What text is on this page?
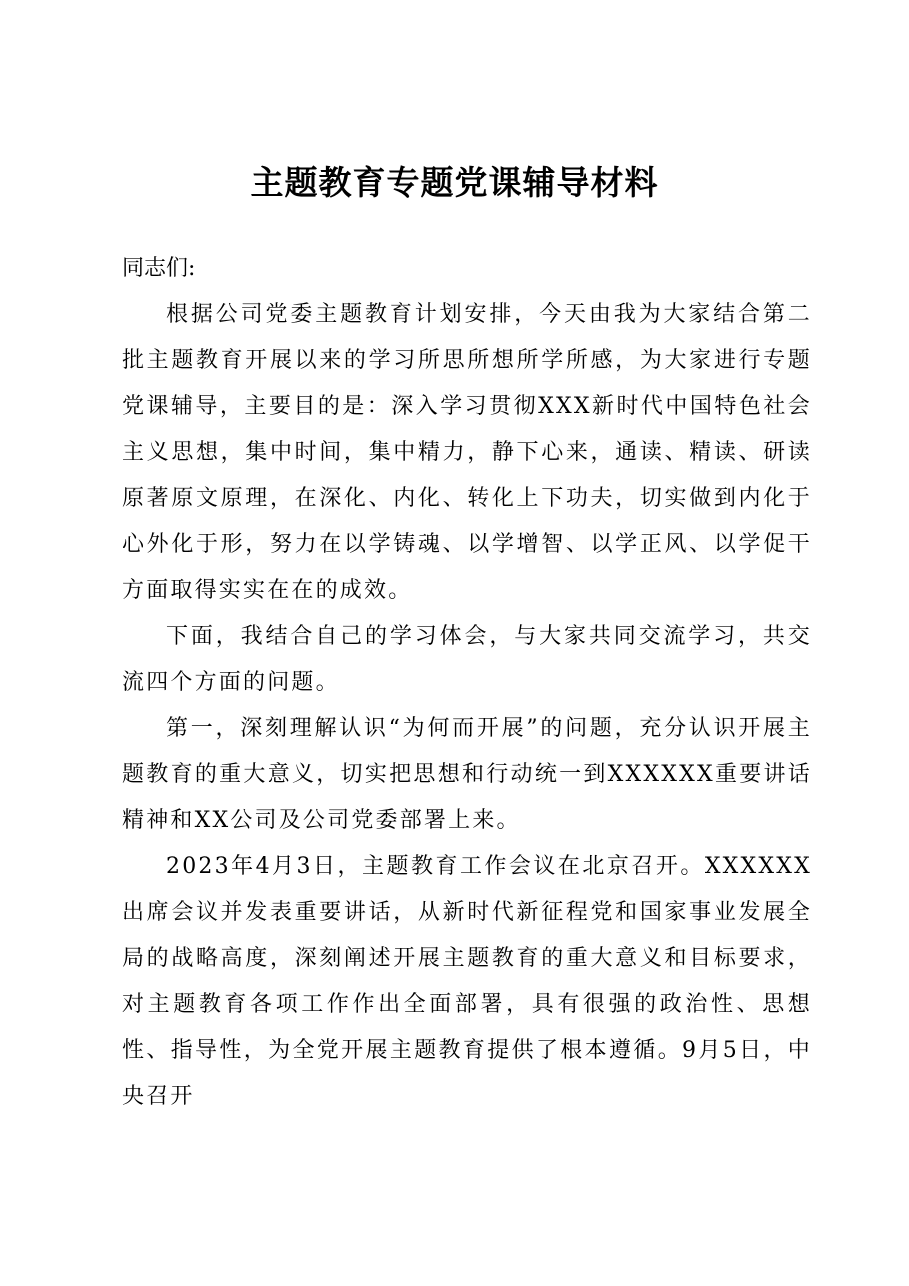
主题教育专题党课辅导材料

同志们:

根据公司党委主题教育计划安排，今天由我为大家结合第二批主题教育开展以来的学习所思所想所学所感，为大家进行专题党课辅导，主要目的是：深入学习贯彻XXX新时代中国特色社会主义思想，集中时间，集中精力，静下心来，通读、精读、研读原著原文原理，在深化、内化、转化上下功夫，切实做到内化于心外化于形，努力在以学铸魂、以学增智、以学正风、以学促干方面取得实实在在的成效。

下面，我结合自己的学习体会，与大家共同交流学习，共交流四个方面的问题。

第一，深刻理解认识“为何而开展”的问题，充分认识开展主题教育的重大意义，切实把思想和行动统一到XXXXXX重要讲话精神和XX公司及公司党委部署上来。

2023年4月3日，主题教育工作会议在北京召开。XXXXXX出席会议并发表重要讲话，从新时代新征程党和国家事业发展全局的战略高度，深刻阐述开展主题教育的重大意义和目标要求，对主题教育各项工作作出全面部署，具有很强的政治性、思想性、指导性，为全党开展主题教育提供了根本遵循。9月5日，中央召开
